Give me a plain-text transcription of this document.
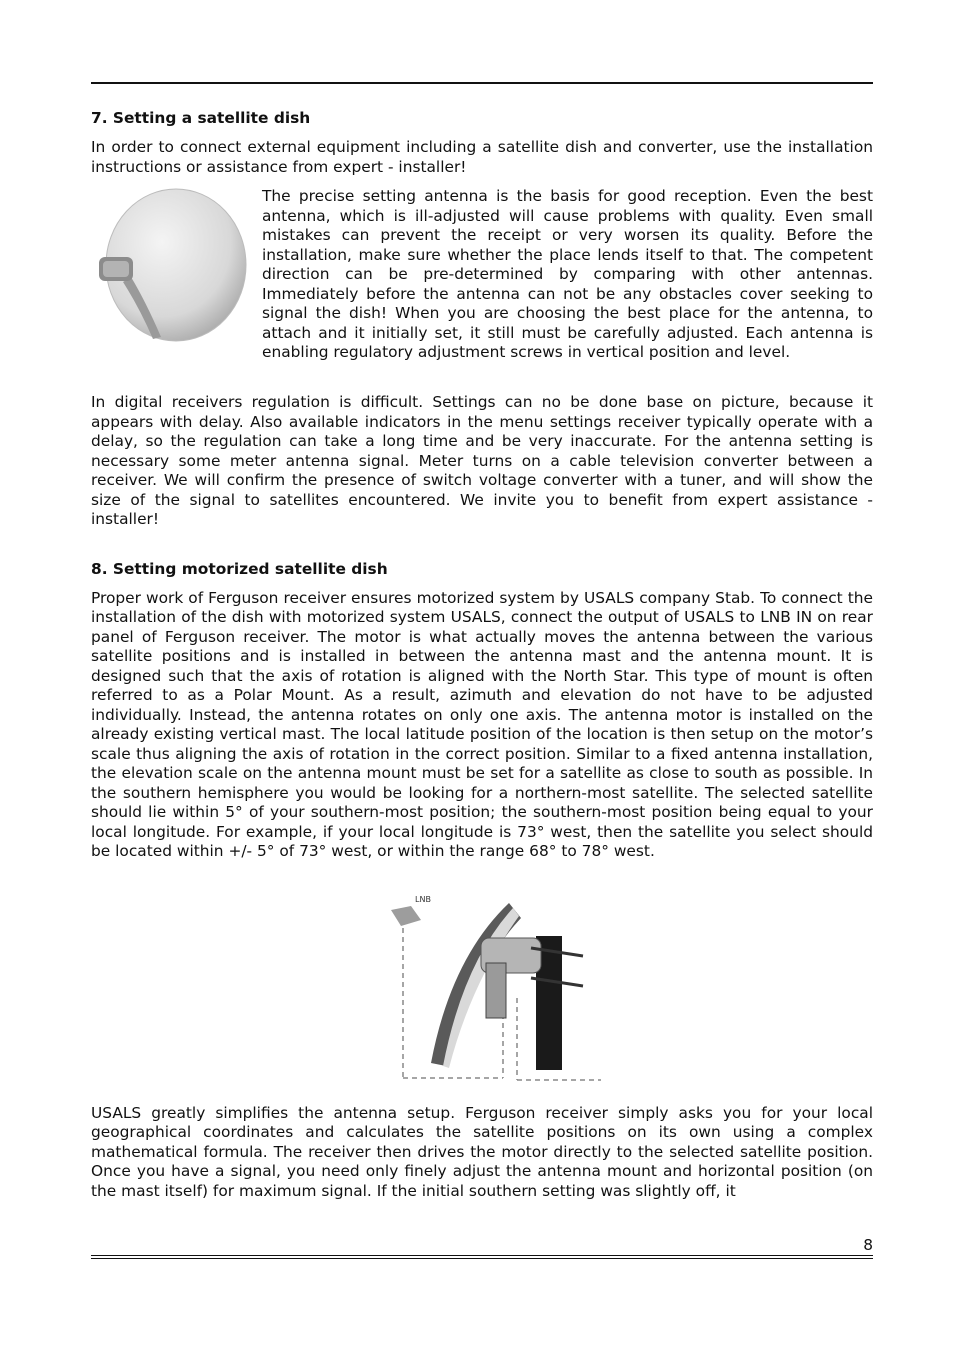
7. Setting a satellite dish

In order to connect external equipment including a satellite dish and converter, use the installation instructions or assistance from expert - installer!

The precise setting antenna is the basis for good reception. Even the best antenna, which is ill-adjusted will cause problems with quality. Even small mistakes can prevent the receipt or very worsen its quality. Before the installation, make sure whether the place lends itself to that. The competent direction can be pre-determined by comparing with other antennas. Immediately before the antenna can not be any obstacles cover seeking to signal the dish! When you are choosing the best place for the antenna, to attach and it initially set, it still must be carefully adjusted. Each antenna is enabling regulatory adjustment screws in vertical position and level.

In digital receivers regulation is difficult. Settings can no be done base on picture, because it appears with delay. Also available indicators in the menu settings receiver typically operate with a delay, so the regulation can take a long time and be very inaccurate. For the antenna setting is necessary some meter antenna signal. Meter turns on a cable television converter between a receiver. We will confirm the presence of switch voltage converter with a tuner, and will show the size of the signal to satellites encountered. We invite you to benefit from expert assistance - installer!

8. Setting motorized satellite dish

Proper work of Ferguson receiver ensures motorized system by USALS company Stab. To connect the installation of the dish with motorized system USALS, connect the output of USALS to LNB IN on rear panel of Ferguson receiver. The motor is what actually moves the antenna between the various satellite positions and is installed in between the antenna mast and the antenna mount. It is designed such that the axis of rotation is aligned with the North Star. This type of mount is often referred to as a Polar Mount. As a result, azimuth and elevation do not have to be adjusted individually. Instead, the antenna rotates on only one axis. The antenna motor is installed on the already existing vertical mast. The local latitude position of the location is then setup on the motor’s scale thus aligning the axis of rotation in the correct position. Similar to a fixed antenna installation, the elevation scale on the antenna mount must be set for a satellite as close to south as possible. In the southern hemisphere you would be looking for a northern-most satellite. The selected satellite should lie within 5° of your southern-most position; the southern-most position being equal to your local longitude. For example, if your local longitude is 73° west, then the satellite you select should be located within +/- 5° of 73° west, or within the range 68° to 78° west.

LNB

USALS greatly simplifies the antenna setup. Ferguson receiver simply asks you for your local geographical coordinates and calculates the satellite positions on its own using a complex mathematical formula. The receiver then drives the motor directly to the selected satellite position. Once you have a signal, you need only finely adjust the antenna mount and horizontal position (on the mast itself) for maximum signal. If the initial southern setting was slightly off, it

8
